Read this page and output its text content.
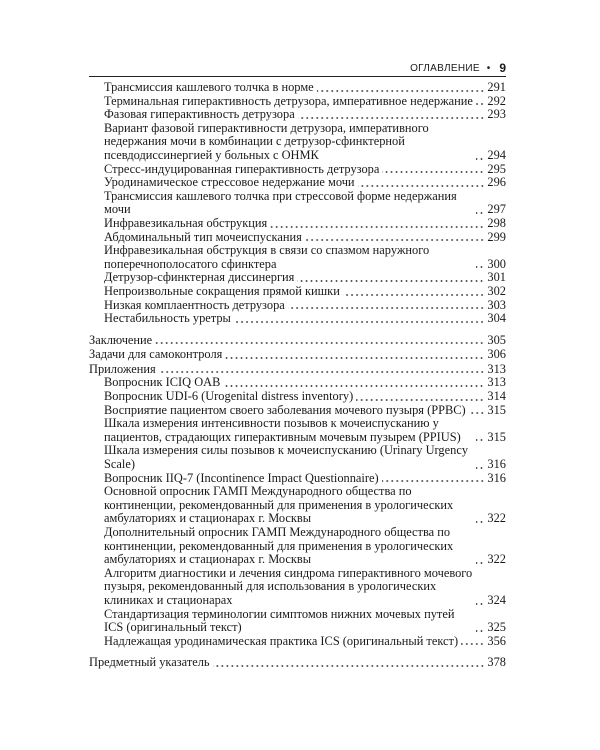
ОГЛАВЛЕНИЕ • 9
Трансмиссия кашлевого толчка в норме	291
Терминальная гиперактивность детрузора, императивное недержание 292
Фазовая гиперактивность детрузора	293
Вариант фазовой гиперактивности детрузора, императивного недержания мочи в комбинации с детрузор-сфинктерной псевдодиссинергией у больных с ОНМК	294
Стресс-индуцированная гиперактивность детрузора	295
Уродинамическое стрессовое недержание мочи	296
Трансмиссия кашлевого толчка при стрессовой форме недержания мочи	297
Инфравезикальная обструкция	298
Абдоминальный тип мочеиспускания	299
Инфравезикальная обструкция в связи со спазмом наружного поперечнополосатого сфинктера	300
Детрузор-сфинктерная диссинергия	301
Непроизвольные сокращения прямой кишки	302
Низкая комплаентность детрузора	303
Нестабильность уретры	304
Заключение	305
Задачи для самоконтроля	306
Приложения	313
Вопросник ICIQ OAB	313
Вопросник UDI-6 (Urogenital distress inventory)	314
Восприятие пациентом своего заболевания мочевого пузыря (PPBC) 315
Шкала измерения интенсивности позывов к мочеиспусканию у пациентов, страдающих гиперактивным мочевым пузырем (PPIUS)	315
Шкала измерения силы позывов к мочеиспусканию (Urinary Urgency Scale)	316
Вопросник IIQ-7 (Incontinence Impact Questionnaire)	316
Основной опросник ГАМП Международного общества по континенции, рекомендованный для применения в урологических амбулаториях и стационарах г. Москвы	322
Дополнительный опросник ГАМП Международного общества по континенции, рекомендованный для применения в урологических амбулаториях и стационарах г. Москвы	322
Алгоритм диагностики и лечения синдрома гиперактивного мочевого пузыря, рекомендованный для использования в урологических клиниках и стационарах	324
Стандартизация терминологии симптомов нижних мочевых путей ICS (оригинальный текст)	325
Надлежащая уродинамическая практика ICS (оригинальный текст) 356
Предметный указатель	378
